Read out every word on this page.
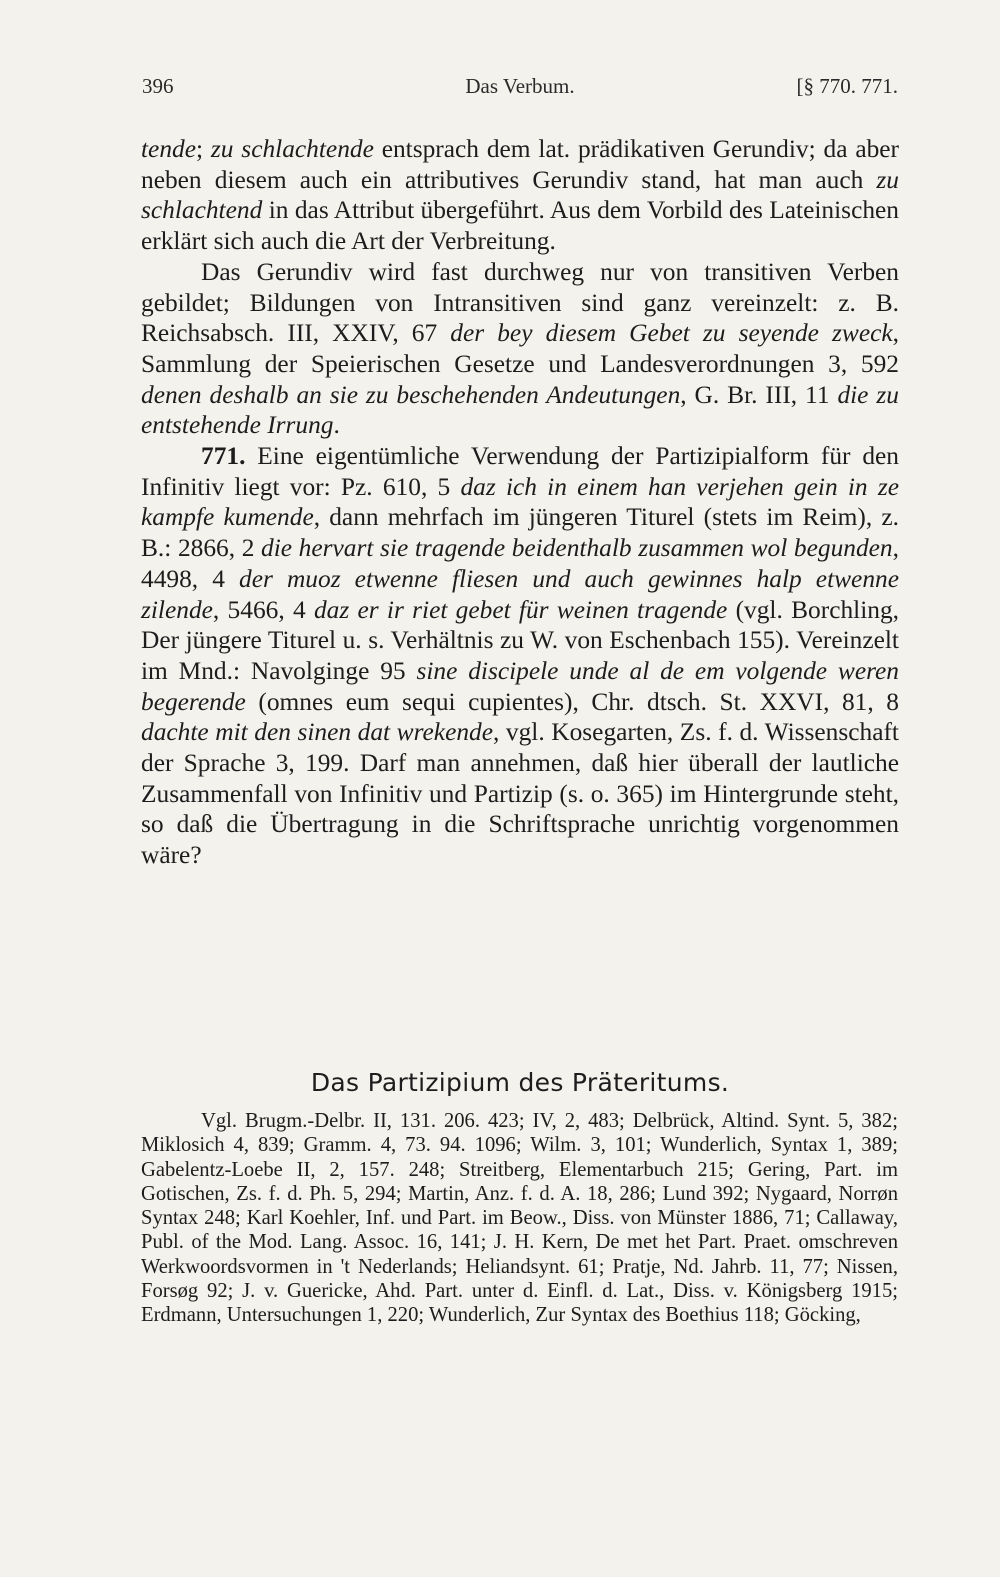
396	Das Verbum.	[§ 770. 771.

tende; zu schlachtende entsprach dem lat. prädikativen Gerundiv; da aber neben diesem auch ein attributives Gerundiv stand, hat man auch zu schlachtend in das Attribut übergeführt. Aus dem Vorbild des Lateinischen erklärt sich auch die Art der Verbreitung.

Das Gerundiv wird fast durchweg nur von transitiven Verben gebildet; Bildungen von Intransitiven sind ganz vereinzelt: z. B. Reichsabsch. III, XXIV, 67 der bey diesem Gebet zu seyende zweck, Sammlung der Speierischen Gesetze und Landesverordnungen 3, 592 denen deshalb an sie zu beschehenden Andeutungen, G. Br. III, 11 die zu entstehende Irrung.

771. Eine eigentümliche Verwendung der Partizipialform für den Infinitiv liegt vor: Pz. 610, 5 daz ich in einem han verjehen gein in ze kampfe kumende, dann mehrfach im jüngeren Titurel (stets im Reim), z. B.: 2866, 2 die hervart sie tragende beidenthalb zusammen wol begunden, 4498, 4 der muoz etwenne fliesen und auch gewinnes halp etwenne zilende, 5466, 4 daz er ir riet gebet für weinen tragende (vgl. Borchling, Der jüngere Titurel u. s. Verhältnis zu W. von Eschenbach 155). Vereinzelt im Mnd.: Navolginge 95 sine discipele unde al de em volgende weren begerende (omnes eum sequi cupientes), Chr. dtsch. St. XXVI, 81, 8 dachte mit den sinen dat wrekende, vgl. Kosegarten, Zs. f. d. Wissenschaft der Sprache 3, 199. Darf man annehmen, daß hier überall der lautliche Zusammenfall von Infinitiv und Partizip (s. o. 365) im Hintergrunde steht, so daß die Übertragung in die Schriftsprache unrichtig vorgenommen wäre?

Das Partizipium des Präteritums.

Vgl. Brugm.-Delbr. II, 131. 206. 423; IV, 2, 483; Delbrück, Altind. Synt. 5, 382; Miklosich 4, 839; Gramm. 4, 73. 94. 1096; Wilm. 3, 101; Wunderlich, Syntax 1, 389; Gabelentz-Loebe II, 2, 157. 248; Streitberg, Elementarbuch 215; Gering, Part. im Gotischen, Zs. f. d. Ph. 5, 294; Martin, Anz. f. d. A. 18, 286; Lund 392; Nygaard, Norrøn Syntax 248; Karl Koehler, Inf. und Part. im Beow., Diss. von Münster 1886, 71; Callaway, Publ. of the Mod. Lang. Assoc. 16, 141; J. H. Kern, De met het Part. Praet. omschreven Werkwoordsvormen in 't Nederlands; Heliandsynt. 61; Pratje, Nd. Jahrb. 11, 77; Nissen, Forsøg 92; J. v. Guericke, Ahd. Part. unter d. Einfl. d. Lat., Diss. v. Königsberg 1915; Erdmann, Untersuchungen 1, 220; Wunderlich, Zur Syntax des Boethius 118; Göcking,
